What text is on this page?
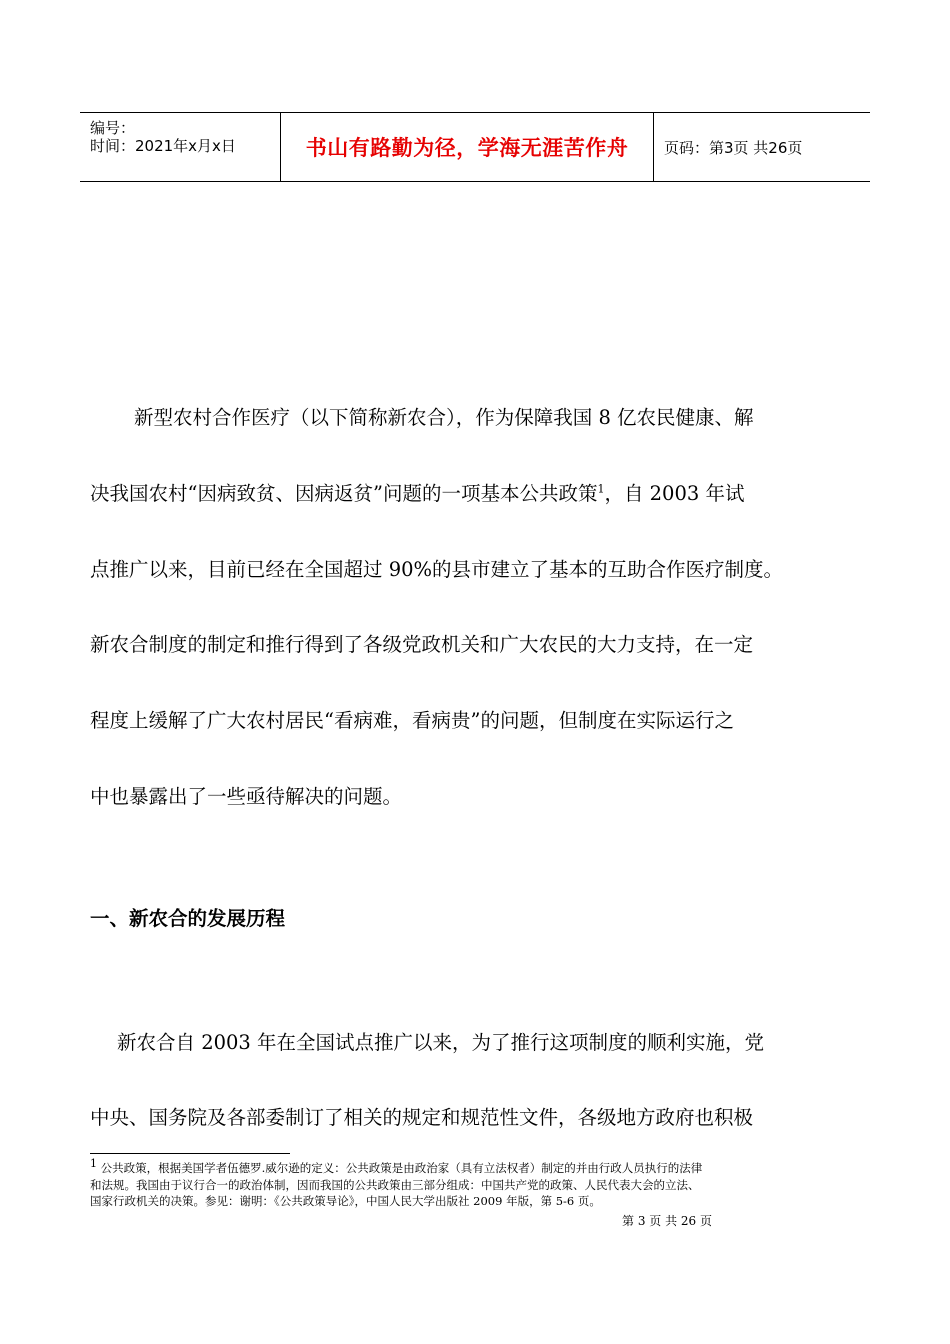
编号：
时间：2021年x月x日	书山有路勤为径，学海无涯苦作舟 页码：第3页 共26页
新型农村合作医疗（以下简称新农合），作为保障我国 8 亿农民健康、解
决我国农村“因病致贫、因病返贫”问题的一项基本公共政策$^1$，自 2003 年试
点推广以来，目前已经在全国超过 90%的县市建立了基本的互助合作医疗制度。
新农合制度的制定和推行得到了各级党政机关和广大农民的大力支持，在一定
程度上缓解了广大农村居民“看病难，看病贵”的问题，但制度在实际运行之
中也暴露出了一些亟待解决的问题。
一、新农合的发展历程
新农合自 2003 年在全国试点推广以来，为了推行这项制度的顺利实施，党
中央、国务院及各部委制订了相关的规定和规范性文件，各级地方政府也积极
$^1$ 公共政策，根据美国学者伍德罗.威尔逊的定义：公共政策是由政治家（具有立法权者）制定的并由行政人员执行的法律
和法规。我国由于议行合一的政治体制，因而我国的公共政策由三部分组成：中国共产党的政策、人民代表大会的立法、
国家行政机关的决策。参见：谢明：《公共政策导论》，中国人民大学出版社 2009 年版，第 5-6 页。
第 3 页 共 26 页
